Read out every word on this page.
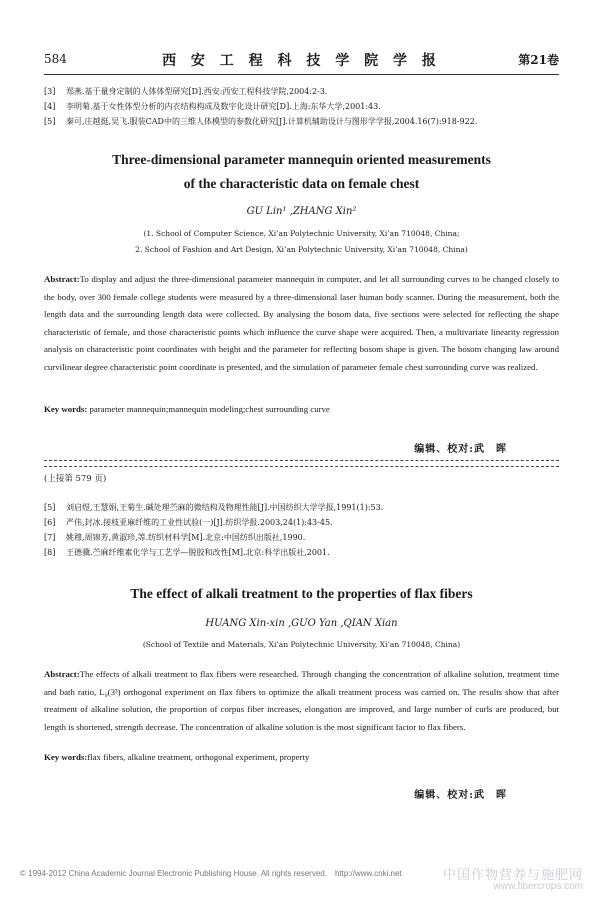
584	西 安 工 程 科 技 学 院 学 报	第21卷
[3] 郑燕.基于量身定制的人体体型研究[D].西安:西安工程科技学院,2004:2-3.
[4] 李明菊.基于女性体型分析的内衣结构构成及数字化设计研究[D].上海:东华大学,2001:43.
[5] 秦可,庄越挺,吴飞.服装CAD中的三维人体模型的参数化研究[J].计算机辅助设计与图形学学报,2004.16(7):918-922.
Three-dimensional parameter mannequin oriented measurements
of the characteristic data on female chest
GU Lin¹ ,ZHANG Xin²
(1. School of Computer Science, Xi’an Polytechnic University, Xi’an 710048, China;
2. School of Fashion and Art Design, Xi’an Polytechnic University, Xi’an 710048, China)
Abstract:To display and adjust the three-dimensional parameter mannequin in computer, and let all surrounding curves to be changed closely to the body, over 300 female college students were measured by a three-dimensional laser human body scanner. During the measurement, both the length data and the surrounding length data were collected. By analysing the bosom data, five sections were selected for reflecting the shape characteristic of female, and those characteristic points which influence the curve shape were acquired. Then, a multivariate linearity regression analysis on characteristic point coordinates with height and the parameter for reflecting bosom shape is given. The bosom changing law around curvilinear degree characteristic point coordinate is presented, and the simulation of parameter female chest surrounding curve was realized.
Key words: parameter mannequin;mannequin modeling;chest surrounding curve
编辑、校对:武　晖
(上接第 579 页)
[5] 刘启煜,王慧娟,王菊生.碱处理苎麻的微结构及物理性能[J].中国纺织大学学报,1991(1):53.
[6] 严伟,封冰.接枝亚麻纤维的工业性试验(一)[J].纺织学报.2003,24(1):43-45.
[7] 姚穆,周锦芳,黄淑珍,等.纺织材料学[M].北京:中国纺织出版社,1990.
[8] 王德骥.苎麻纤维素化学与工艺学—脱胶和改性[M].北京:科学出版社,2001.
The effect of alkali treatment to the properties of flax fibers
HUANG Xin-xin ,GUO Yan ,QIAN Xian
(School of Textile and Materials, Xi’an Polytechnic University, Xi’an 710048, China)
Abstract:The effects of alkali treatment to flax fibers were researched. Through changing the concentration of alkaline solution, treatment time and bath ratio, L₉(3³) orthogonal experiment on flax fibers to optimize the alkali treatment process was carried on. The results show that after treatment of alkaline solution, the proportion of corpus fiber increases, elongation are improved, and large number of curls are produced, but length is shortened, strength decrease. The concentration of alkaline solution is the most significant factor to flax fibers.
Key words:flax fibers, alkaline treatment, orthogonal experiment, property
编辑、校对:武　晖
© 1994-2012 China Academic Journal Electronic Publishing House. All rights reserved.　http://www.cnki.net	中国作物营养与施肥网
www.fibercrops.com
